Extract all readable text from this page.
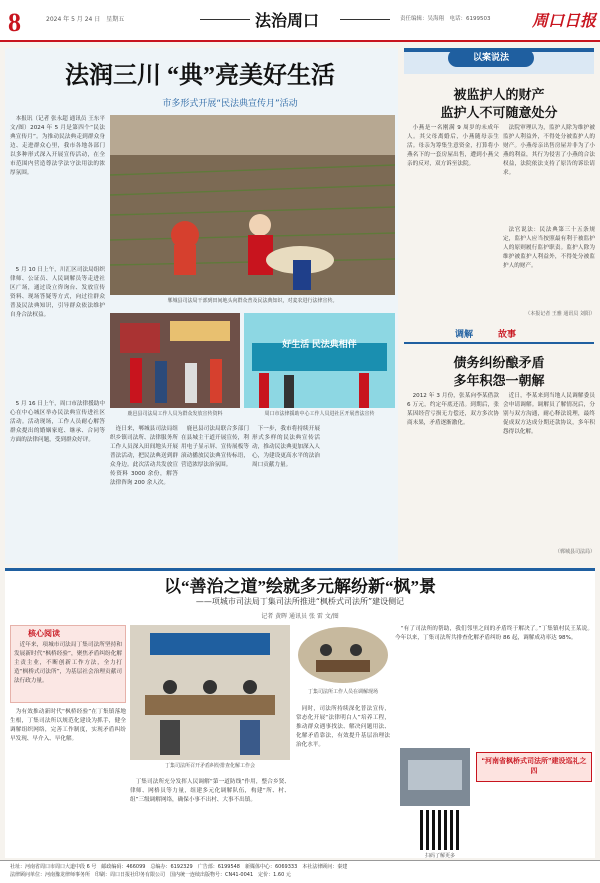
8	2024 年 5 月 24 日　星期五	法治周口	责任编辑：吴海翔　电话：6199503	周口日报
法润三川 “典”亮美好生活
市多形式开展“民法典宣传月”活动
本报讯（记者 张永超 通讯员 王东平 文/图）2024 年 5 月是第四个“民法典宣传月”。为推动民法典走到群众身边、走进群众心里，我市各地各部门以多种形式深入开展宣传活动，在全市范围内营造尊法学法守法用法的浓厚氛围。
5 月 10 日上午，川汇区司法局组织律师、公证员、人民调解员等走进社区广场，通过设立咨询台、发放宣传资料、现场答疑等方式，向过往群众普及民法典知识，引导群众依法维护自身合法权益。
5 月 16 日上午，周口市法律援助中心在中心城区举办民法典宣传进社区活动。活动现场，工作人员耐心解答群众提出的婚姻家庭、继承、合同等方面的法律问题，受到群众好评。
郸城县司法局干部到田间地头向群众普及民法典知识，对麦农进行法律宣传。
鹿邑县司法局工作人员为群众发放宣传资料
好生活 民法典相伴
周口市法律援助中心工作人员进社区开展普法宣传
连日来，郸城县司法局组织乡镇司法所、法律服务所工作人员深入田间地头开展普法活动，把民法典送到群众身边。此次活动共发放宣传资料 3000 余份，解答法律咨询 200 余人次。
鹿邑县司法局联合多部门在县城主干道开展宣传，利用电子显示屏、宣传展板等滚动播放民法典宣传标语，营造浓厚法治氛围。
下一步，我市将持续开展形式多样的民法典宣传活动，推动民法典更加深入人心，为建设更高水平的法治周口贡献力量。
以案说法
被监护人的财产
监护人不可随意处分
小燕是一名刚满 9 周岁的未成年人。其父母离婚后，小燕随母亲生活。母亲为筹集生意资金，打算将小燕名下的一套房屋出售，遭到小燕父亲的反对，双方诉至法院。
法院审理认为，监护人除为维护被监护人利益外，不得处分被监护人的财产。小燕母亲出售房屋并非为了小燕的利益，其行为侵害了小燕的合法权益，法院依法支持了原告的诉讼请求。
法官说法：民法典第三十五条规定，监护人应当按照最有利于被监护人的原则履行监护职责。监护人除为维护被监护人利益外，不得处分被监护人的财产。
（本报记者 王雅 通讯员 刘阳）
调解	故事
债务纠纷酿矛盾
多年积怨一朝解
2012 年 3 月份，张某向李某借款 6 万元，约定年底还清。到期后，张某因经营亏损无力偿还，双方多次协商未果，矛盾逐渐激化。
近日，李某来到当地人民调解委员会申请调解。调解员了解情况后，分别与双方沟通，耐心释法说理，最终促成双方达成分期还款协议，多年积怨得以化解。
（郸城县司法局）
以“善治之道”绘就多元解纷新“枫”景
——项城市司法局丁集司法所推进“枫桥式司法所”建设侧记
记者 黄晖 通讯员 张 雷 文/图
核心阅读
近年来，项城市司法局丁集司法所坚持和发展新时代“枫桥经验”，聚焦矛盾纠纷化解主责主业，不断创新工作方法，全力打造“枫桥式司法所”，为基层社会治理贡献司法行政力量。
丁集司法所召开矛盾纠纷排查化解工作会
丁集司法所工作人员在调解现场
为有效推动新时代“枫桥经验”在丁集镇落地生根，丁集司法所以规范化建设为抓手，健全调解组织网络，完善工作制度，实现矛盾纠纷早发现、早介入、早化解。
丁集司法所充分发挥人民调解“第一道防线”作用，整合乡贤、律师、网格员等力量，组建多元化调解队伍，构建“所、村、组”三级调解网络，确保小事不出村、大事不出镇。
同时，司法所持续深化普法宣传，常态化开展“法律明白人”培养工程，推动群众遇事找法、解决问题用法、化解矛盾靠法，有效提升基层治理法治化水平。
“有了司法所的帮助，我们邻里之间的矛盾终于解决了。”丁集镇村民王某说。今年以来，丁集司法所共排查化解矛盾纠纷 86 起，调解成功率达 98%。
“河南省枫桥式司法所”建设巡礼之四
扫码了解更多
社址：河南省周口市周口大道中段 6 号　邮政编码：466099　总编办：6192329　广告部：6199548　新媒体中心：6069333　本社法律顾问：秦建
法律顾问单位：河南豫龙律师事务所　印刷：周口日报社印务有限公司　国内统一连续出版物号：CN41-0041　定价：1.60 元
